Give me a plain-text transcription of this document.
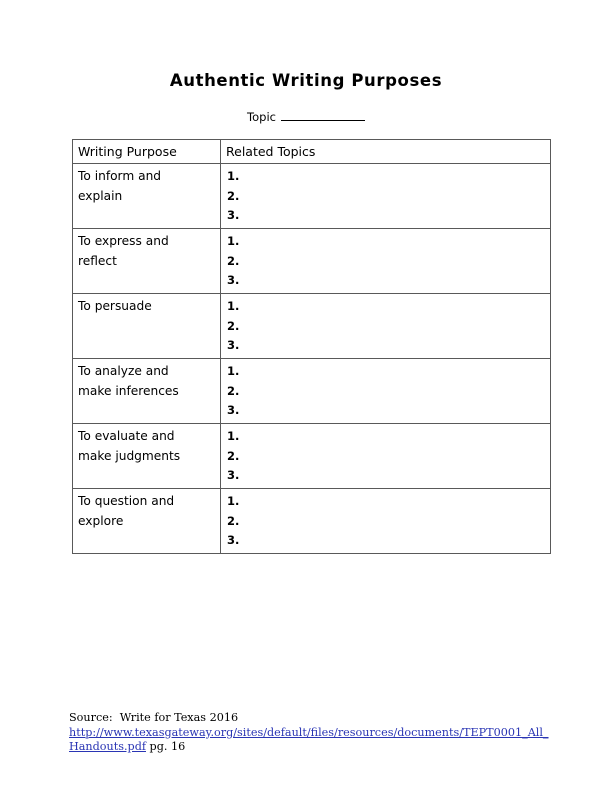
Authentic Writing Purposes
Topic
Writing Purpose	Related Topics

To inform and
explain	1.
2.
3.

To express and
reflect	1.
2.
3.

To persuade	1.
2.
3.

To analyze and
make inferences	1.
2.
3.

To evaluate and
make judgments	1.
2.
3.

To question and
explore	1.
2.
3.
Source:  Write for Texas 2016
http://www.texasgateway.org/sites/default/files/resources/documents/TEPT0001_All_Handouts.pdf pg. 16
